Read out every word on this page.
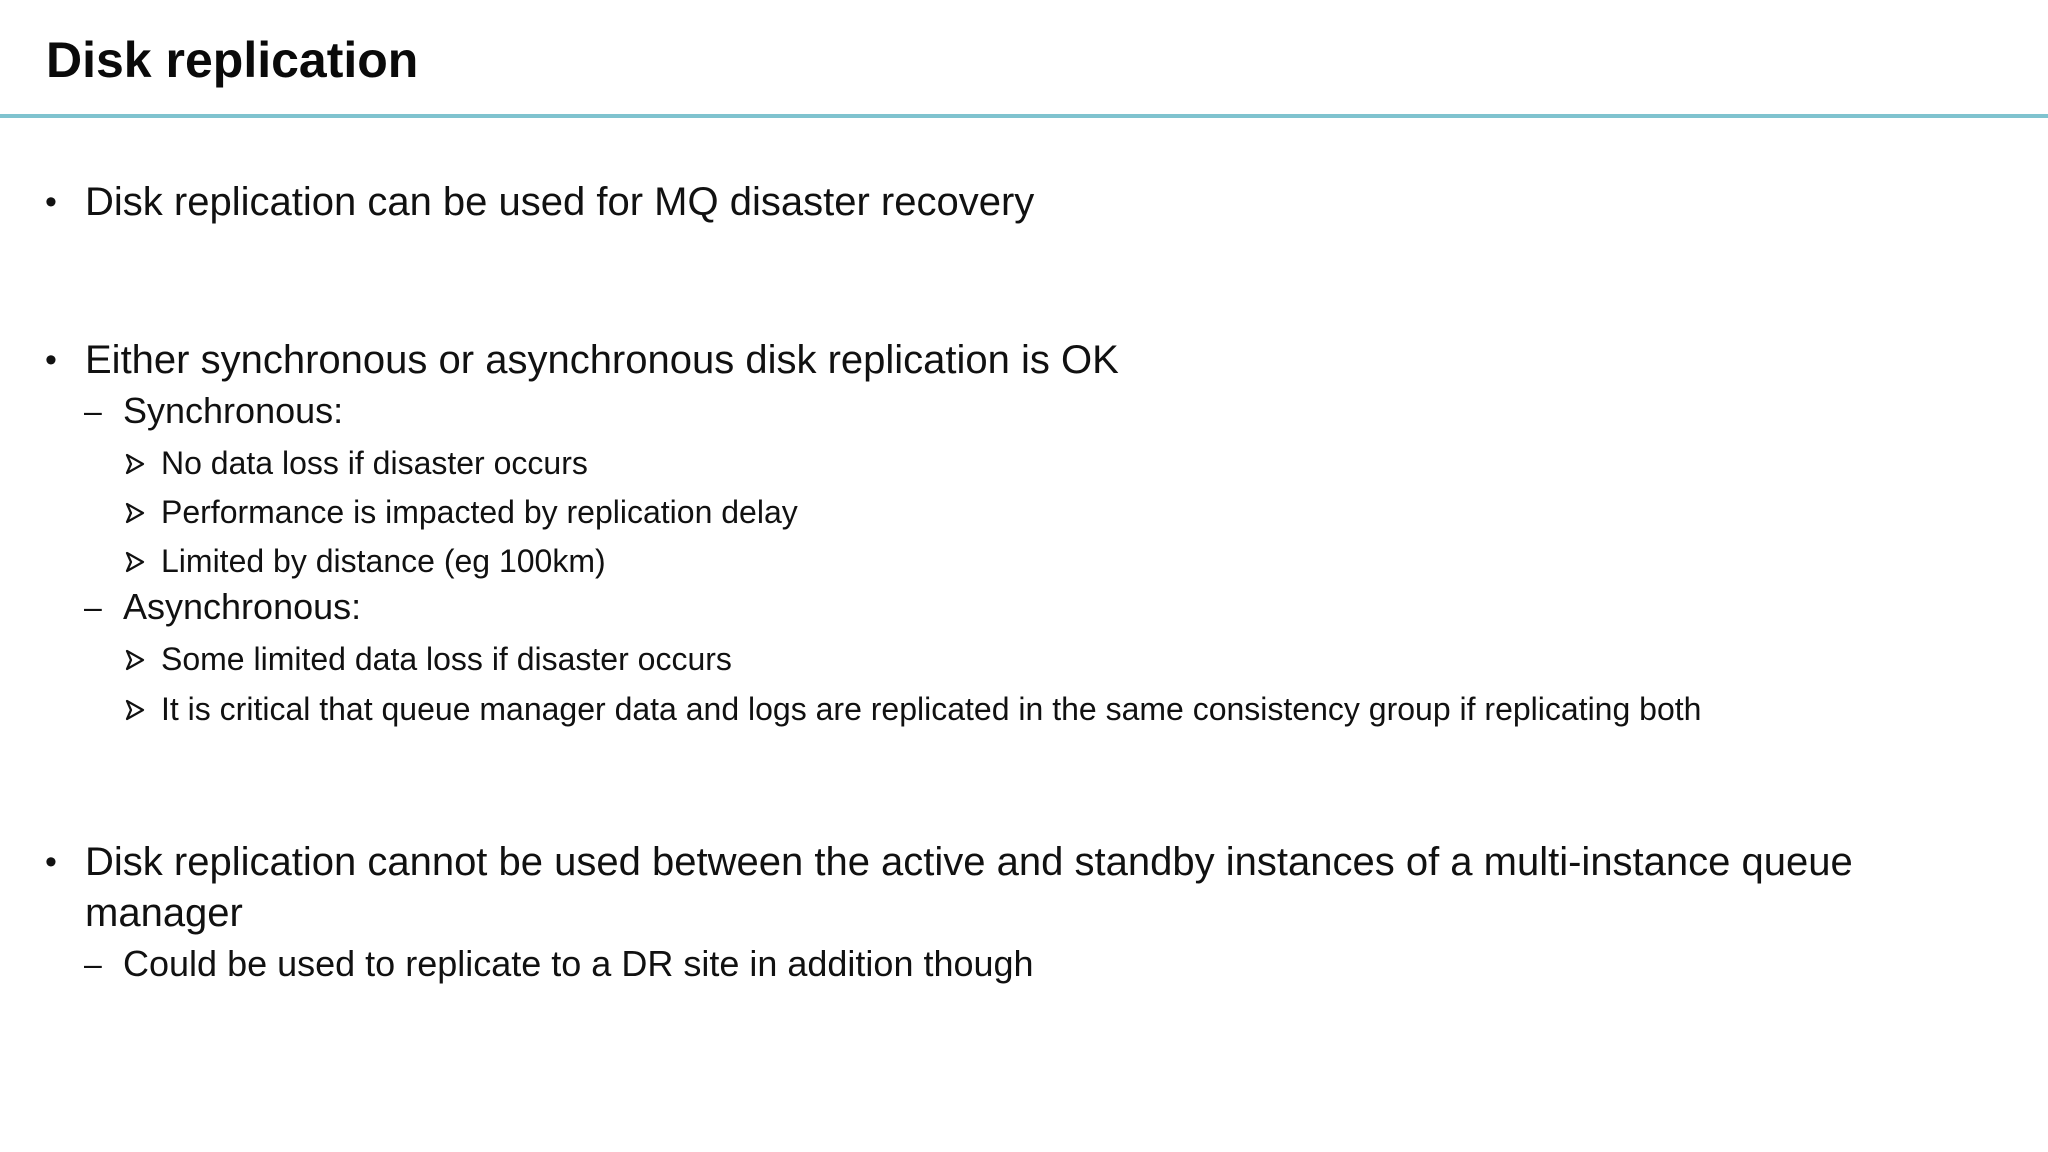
Disk replication
• Disk replication can be used for MQ disaster recovery
• Either synchronous or asynchronous disk replication is OK
– Synchronous:
No data loss if disaster occurs
Performance is impacted by replication delay
Limited by distance (eg 100km)
– Asynchronous:
Some limited data loss if disaster occurs
It is critical that queue manager data and logs are replicated in the same consistency group if replicating both
• Disk replication cannot be used between the active and standby instances of a multi-instance queue
manager
– Could be used to replicate to a DR site in addition though
